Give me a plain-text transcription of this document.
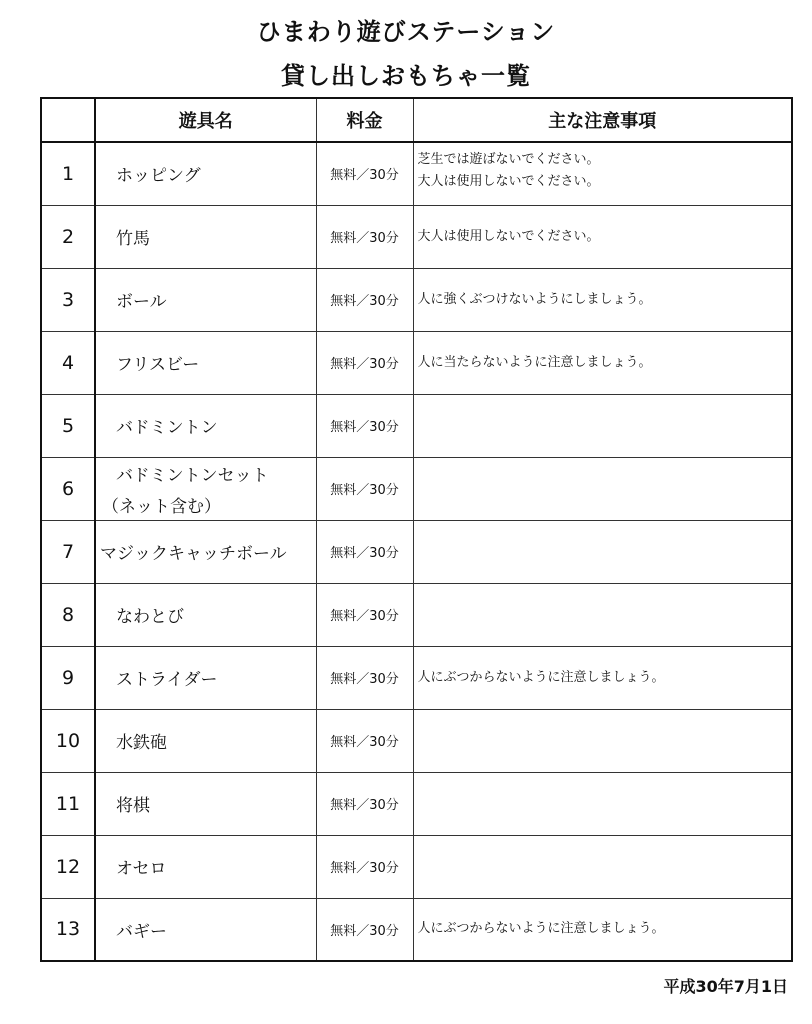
ひまわり遊びステーション
貸し出しおもちゃ一覧
	遊具名	料金	主な注意事項
1	ホッピング	無料／30分	芝生では遊ばないでください。
大人は使用しないでください。

2	竹馬	無料／30分	大人は使用しないでください。

3	ボール	無料／30分	人に強くぶつけないようにしましょう。

4	フリスビー	無料／30分	人に当たらないように注意しましょう。

5	バドミントン	無料／30分	
6	バドミントンセット
（ネット含む）	無料／30分	
7	マジックキャッチボール	無料／30分	
8	なわとび	無料／30分	
9	ストライダー	無料／30分	人にぶつからないように注意しましょう。

10	水鉄砲	無料／30分	
11	将棋	無料／30分	
12	オセロ	無料／30分	
13	バギー	無料／30分	人にぶつからないように注意しましょう。
平成30年7月1日
